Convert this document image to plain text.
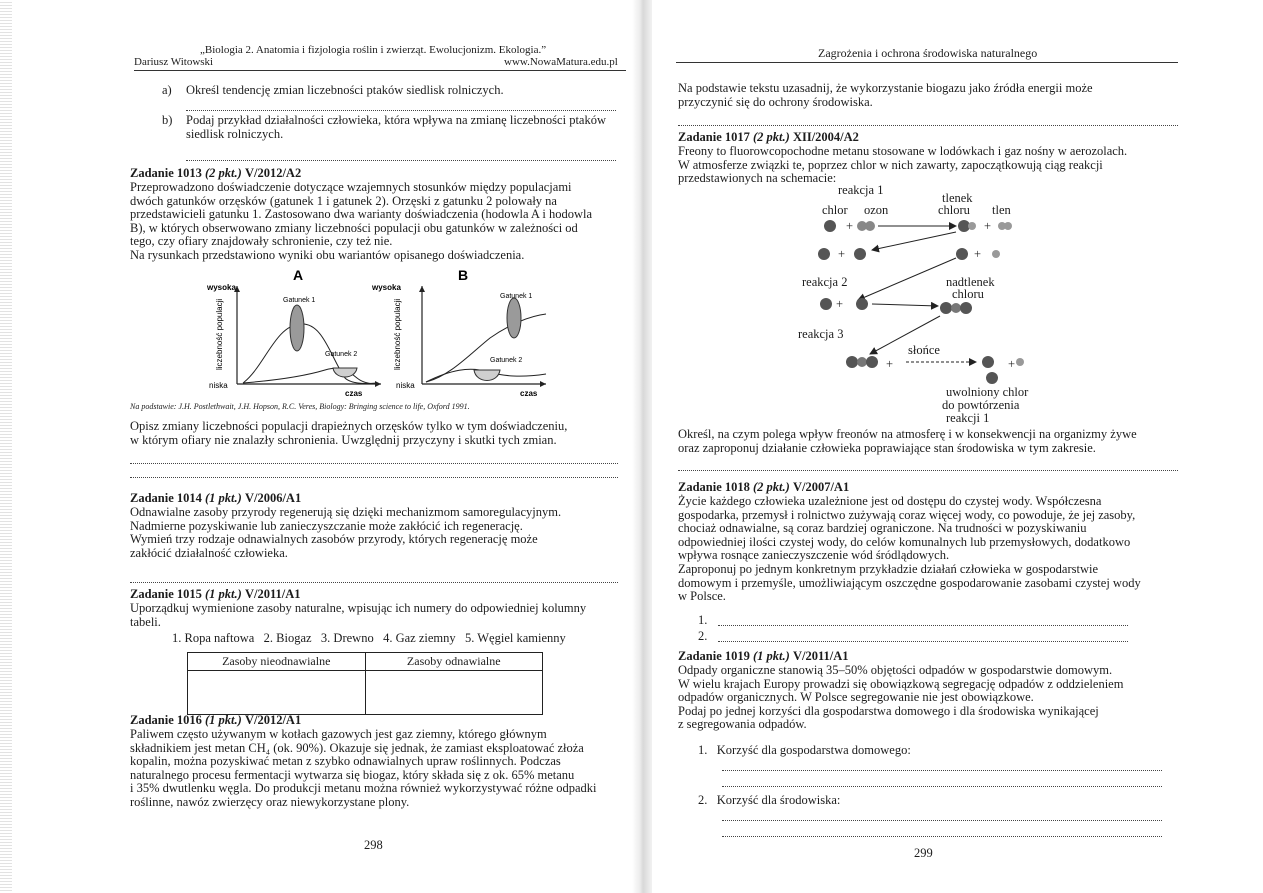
„Biologia 2. Anatomia i fizjologia roślin i zwierząt. Ewolucjonizm. Ekologia.”
Dariusz Witowski	www.NowaMatura.edu.pl
a) Określ tendencję zmian liczebności ptaków siedlisk rolniczych.
b) Podaj przykład działalności człowieka, która wpływa na zmianę liczebności ptaków
siedlisk rolniczych.
Zadanie 1013 (2 pkt.) V/2012/A2
Przeprowadzono doświadczenie dotyczące wzajemnych stosunków między populacjami
dwóch gatunków orzęsków (gatunek 1 i gatunek 2). Orzęski z gatunku 2 polowały na
przedstawicieli gatunku 1. Zastosowano dwa warianty doświadczenia (hodowla A i hodowla
B), w których obserwowano zmiany liczebności populacji obu gatunków w zależności od
tego, czy ofiary znajdowały schronienie, czy też nie.
Na rysunkach przedstawiono wyniki obu wariantów opisanego doświadczenia.
A
wysoka
niska
liczebność populacji
czas
Gatunek 1
Gatunek 2
B
wysoka
niska
liczebność populacji
czas
Gatunek 1
Gatunek 2
Na podstawie: J.H. Postlethwait, J.H. Hopson, R.C. Veres, Biology: Bringing science to life, Oxford 1991.
Opisz zmiany liczebności populacji drapieżnych orzęsków tylko w tym doświadczeniu,
w którym ofiary nie znalazły schronienia. Uwzględnij przyczyny i skutki tych zmian.
Zadanie 1014 (1 pkt.) V/2006/A1
Odnawialne zasoby przyrody regenerują się dzięki mechanizmom samoregulacyjnym.
Nadmierne pozyskiwanie lub zanieczyszczanie może zakłócić ich regenerację.
Wymień trzy rodzaje odnawialnych zasobów przyrody, których regenerację może
zakłócić działalność człowieka.
Zadanie 1015 (1 pkt.) V/2011/A1
Uporządkuj wymienione zasoby naturalne, wpisując ich numery do odpowiedniej kolumny
tabeli.
1. Ropa naftowa   2. Biogaz   3. Drewno   4. Gaz ziemny   5. Węgiel kamienny
Zasoby nieodnawialne	Zasoby odnawialne

Zadanie 1016 (1 pkt.) V/2012/A1
Paliwem często używanym w kotłach gazowych jest gaz ziemny, którego głównym
składnikiem jest metan CH₄ (ok. 90%). Okazuje się jednak, że zamiast eksploatować złoża
kopalin, można pozyskiwać metan z szybko odnawialnych upraw roślinnych. Podczas
naturalnego procesu fermentacji wytwarza się biogaz, który składa się z ok. 65% metanu
i 35% dwutlenku węgla. Do produkcji metanu można również wykorzystywać różne odpadki
roślinne, nawóz zwierzęcy oraz niewykorzystane plony.
298
Zagrożenia i ochrona środowiska naturalnego
Na podstawie tekstu uzasadnij, że wykorzystanie biogazu jako źródła energii może
przyczynić się do ochrony środowiska.
Zadanie 1017 (2 pkt.) XII/2004/A2
Freony to fluorowcopochodne metanu stosowane w lodówkach i gaz nośny w aerozolach.
W atmosferze związki te, poprzez chlor w nich zawarty, zapoczątkowują ciąg reakcji
przedstawionych na schemacie:
reakcja 1
chlor ozon
tlenek
chloru tlen
reakcja 2	nadtlenek
chloru
reakcja 3
słońce
uwolniony chlor
do powtórzenia
reakcji 1
+	+
+	+
+
+	+
Określ, na czym polega wpływ freonów na atmosferę i w konsekwencji na organizmy żywe
oraz zaproponuj działanie człowieka poprawiające stan środowiska w tym zakresie.
Zadanie 1018 (2 pkt.) V/2007/A1
Życie każdego człowieka uzależnione jest od dostępu do czystej wody. Współczesna
gospodarka, przemysł i rolnictwo zużywają coraz więcej wody, co powoduje, że jej zasoby,
chociaż odnawialne, są coraz bardziej ograniczone. Na trudności w pozyskiwaniu
odpowiedniej ilości czystej wody, do celów komunalnych lub przemysłowych, dodatkowo
wpływa rosnące zanieczyszczenie wód śródlądowych.
Zaproponuj po jednym konkretnym przykładzie działań człowieka w gospodarstwie
domowym i przemyśle, umożliwiającym oszczędne gospodarowanie zasobami czystej wody
w Polsce.
1.
2.
Zadanie 1019 (1 pkt.) V/2011/A1
Odpady organiczne stanowią 35–50% objętości odpadów w gospodarstwie domowym.
W wielu krajach Europy prowadzi się obowiązkową segregację odpadów z oddzieleniem
odpadów organicznych. W Polsce segregowanie nie jest obowiązkowe.
Podaj po jednej korzyści dla gospodarstwa domowego i dla środowiska wynikającej
z segregowania odpadów.
1.   Korzyść dla gospodarstwa domowego:
2.   Korzyść dla środowiska:
299
